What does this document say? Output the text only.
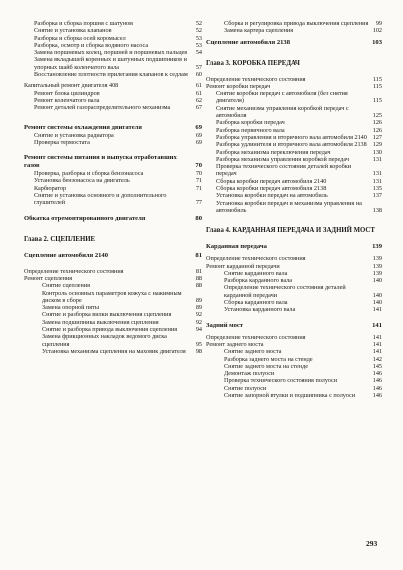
Разборка и сборка поршня с шатуном	52
Снятие и установка клапанов	52
Разборка и сборка осей коромысел	53
Разборка, осмотр и сборка водяного насоса	53
Замена поршневых колец, поршней и поршневых пальцев	54
Замена вкладышей коренных и шатунных подшипников и упорных шайб коленчатого вала	57
Восстановление плотности прилегания клапанов к седлам	60
Капитальный ремонт двигателя 408	61
Ремонт блока цилиндров	61
Ремонт коленчатого вала	62
Ремонт деталей газораспределительного механизма	67
Ремонт системы охлаждения двигателя	69
Снятие и установка радиатора	69
Проверка термостата	69
Ремонт системы питания и выпуска отработавших газов	70
Проверка, разборка и сборка бензонасоса	70
Установка бензонасоса на двигатель	71
Карбюратор	71
Снятие и установка основного и дополнительного глушителей	77
Обкатка отремонтированного двигателя	80
Глава 2. СЦЕПЛЕНИЕ
Сцепление автомобиля 2140	81
Определение технического состояния	81
Ремонт сцепления	88
Снятие сцепления	88
Контроль основных параметров кожуха с нажимным диском в сборе	89
Замена опорной пяты	89
Снятие и разборка вилки выключения сцепления	92
Замена подшипника выключения сцепления	92
Снятие и разборка привода выключения сцепления	94
Замена фрикционных накладок ведомого диска сцепления	95
Установка механизма сцепления на маховик двигателя	98
Сборка и регулировка привода выключения сцепления	99
Замена картера сцепления	102
Сцепление автомобиля 2138	103
Глава 3. КОРОБКА ПЕРЕДАЧ
Определение технического состояния	115
Ремонт коробки передач	115
Снятие коробки передач с автомобиля (без снятия двигателя)	115
Снятие механизма управления коробкой передач с автомобиля	125
Разборка коробки передач	126
Разборка первичного вала	126
Разборка управления и вторичного вала автомобиля 2140 127
Разборка удлинителя и вторичного вала автомобиля 2138 129
Разборка механизма переключения передач	130
Разборка механизма управления коробкой передач	131
Проверка технического состояния деталей коробки передач	131
Сборка коробки передач автомобиля 2140	131
Сборка коробки передач автомобиля 2138	135
Установка коробки передач на автомобиль	137
Установка коробки передач и механизма управления на автомобиль	138
Глава 4. КАРДАННАЯ ПЕРЕДАЧА И ЗАДНИЙ МОСТ
Карданная передача	139
Определение технического состояния	139
Ремонт карданной передачи	139
Снятие карданного вала	139
Разборка карданного вала	140
Определение технического состояния деталей карданной передачи	140
Сборка карданного вала	140
Установка карданного вала	141
Задний мост	141
Определение технического состояния	141
Ремонт заднего моста	141
Снятие заднего моста	141
Разборка заднего моста на стенде	142
Снятие заднего моста на стенде	145
Демонтаж полуоси	146
Проверка технического состояния полуоси	146
Снятие полуоси	146
Снятие запорной втулки и подшипника с полуоси	146
293
